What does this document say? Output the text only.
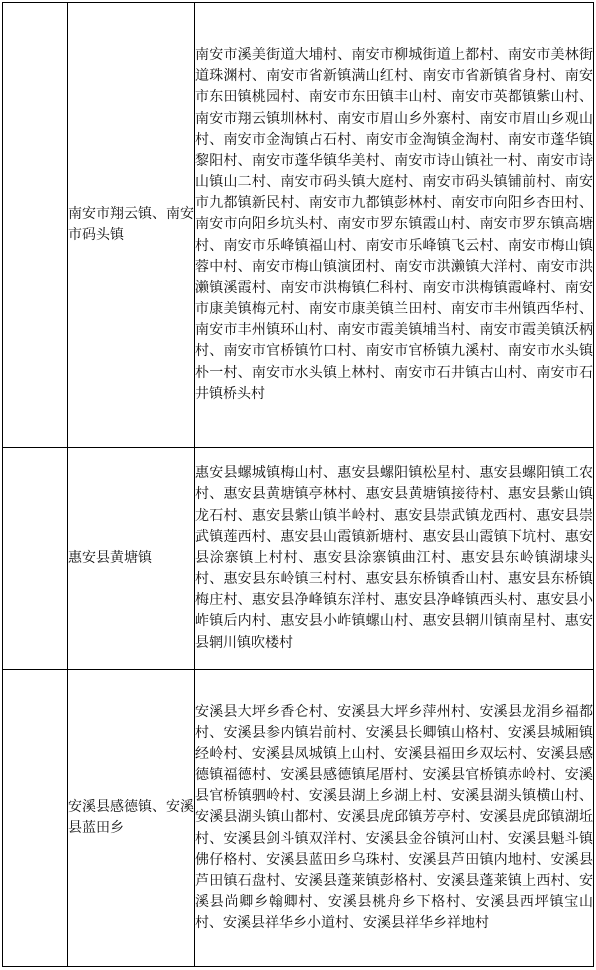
	南安市翔云镇、南安市码头镇	南安市溪美街道大埔村、南安市柳城街道上都村、南安市美林街道珠渊村、南安市省新镇满山红村、南安市省新镇省身村、南安市东田镇桃园村、南安市东田镇丰山村、南安市英都镇紫山村、南安市翔云镇圳林村、南安市眉山乡外寨村、南安市眉山乡观山村、南安市金淘镇占石村、南安市金淘镇金淘村、南安市蓬华镇黎阳村、南安市蓬华镇华美村、南安市诗山镇社一村、南安市诗山镇山二村、南安市码头镇大庭村、南安市码头镇铺前村、南安市九都镇新民村、南安市九都镇彭林村、南安市向阳乡杏田村、南安市向阳乡坑头村、南安市罗东镇霞山村、南安市罗东镇高塘村、南安市乐峰镇福山村、南安市乐峰镇飞云村、南安市梅山镇蓉中村、南安市梅山镇演团村、南安市洪濑镇大洋村、南安市洪濑镇溪霞村、南安市洪梅镇仁科村、南安市洪梅镇霞峰村、南安市康美镇梅元村、南安市康美镇兰田村、南安市丰州镇西华村、南安市丰州镇环山村、南安市霞美镇埔当村、南安市霞美镇沃柄村、南安市官桥镇竹口村、南安市官桥镇九溪村、南安市水头镇朴一村、南安市水头镇上林村、南安市石井镇古山村、南安市石井镇桥头村
	惠安县黄塘镇	惠安县螺城镇梅山村、惠安县螺阳镇松星村、惠安县螺阳镇工农村、惠安县黄塘镇亭林村、惠安县黄塘镇接待村、惠安县紫山镇龙石村、惠安县紫山镇半岭村、惠安县崇武镇龙西村、惠安县崇武镇莲西村、惠安县山霞镇新塘村、惠安县山霞镇下坑村、惠安县涂寨镇上村村、惠安县涂寨镇曲江村、惠安县东岭镇湖埭头村、惠安县东岭镇三村村、惠安县东桥镇香山村、惠安县东桥镇梅庄村、惠安县净峰镇东洋村、惠安县净峰镇西头村、惠安县小岞镇后内村、惠安县小岞镇螺山村、惠安县辋川镇南星村、惠安县辋川镇吹楼村
	安溪县感德镇、安溪县蓝田乡	安溪县大坪乡香仑村、安溪县大坪乡萍州村、安溪县龙涓乡福都村、安溪县参内镇岩前村、安溪县长卿镇山格村、安溪县城厢镇经岭村、安溪县凤城镇上山村、安溪县福田乡双坛村、安溪县感德镇福德村、安溪县感德镇尾厝村、安溪县官桥镇赤岭村、安溪县官桥镇驷岭村、安溪县湖上乡湖上村、安溪县湖头镇横山村、安溪县湖头镇山都村、安溪县虎邱镇芳亭村、安溪县虎邱镇湖坵村、安溪县剑斗镇双洋村、安溪县金谷镇河山村、安溪县魁斗镇佛仔格村、安溪县蓝田乡乌珠村、安溪县芦田镇内地村、安溪县芦田镇石盘村、安溪县蓬莱镇彭格村、安溪县蓬莱镇上西村、安溪县尚卿乡翰卿村、安溪县桃舟乡下格村、安溪县西坪镇宝山村、安溪县祥华乡小道村、安溪县祥华乡祥地村
